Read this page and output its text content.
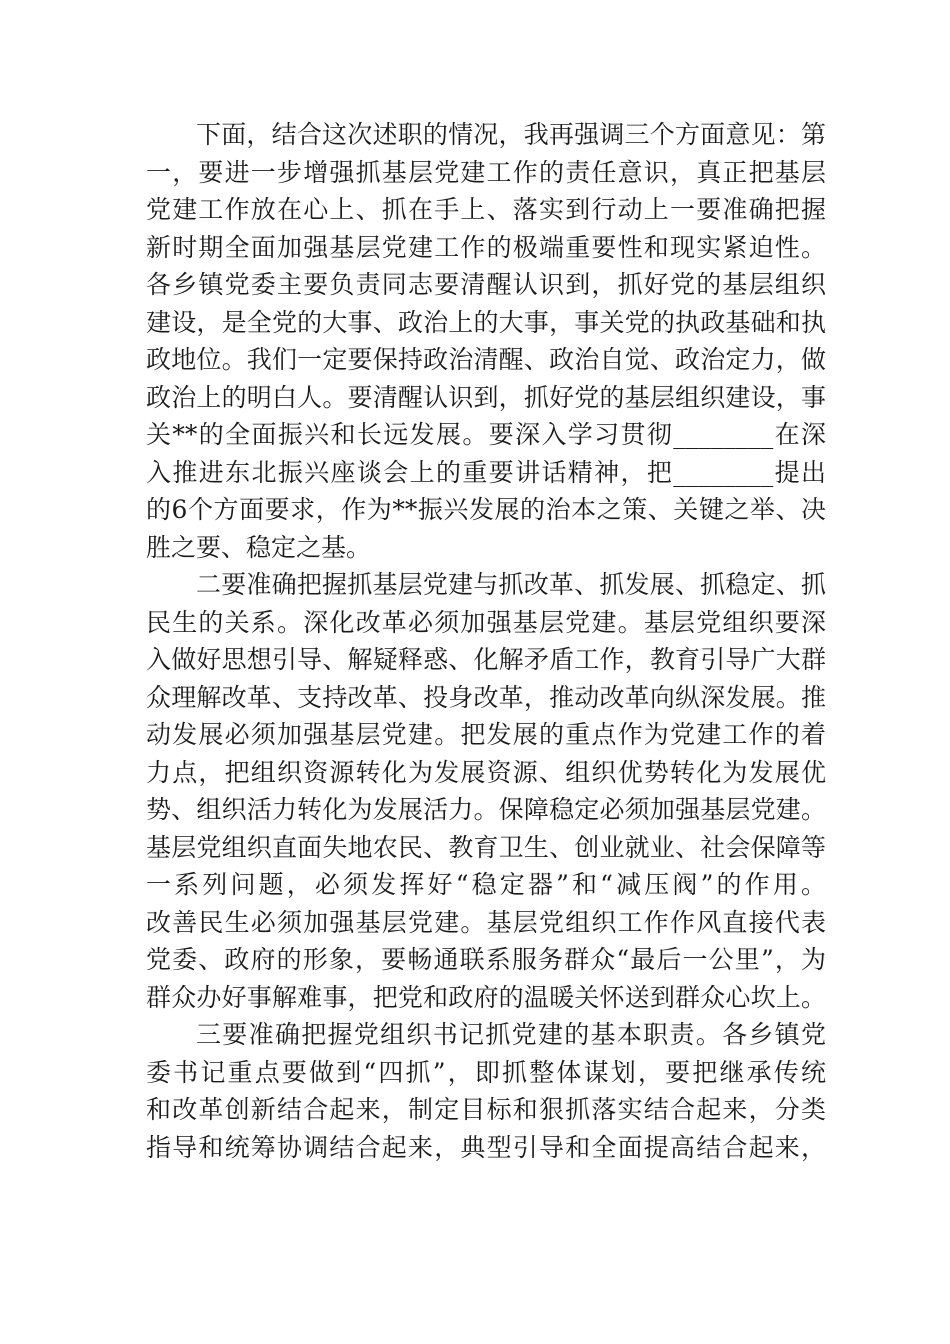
下面，结合这次述职的情况，我再强调三个方面意见：第
一，要进一步增强抓基层党建工作的责任意识，真正把基层
党建工作放在心上、抓在手上、落实到行动上一要准确把握
新时期全面加强基层党建工作的极端重要性和现实紧迫性。
各乡镇党委主要负责同志要清醒认识到，抓好党的基层组织
建设，是全党的大事、政治上的大事，事关党的执政基础和执
政地位。我们一定要保持政治清醒、政治自觉、政治定力，做
政治上的明白人。要清醒认识到，抓好党的基层组织建设，事
关**的全面振兴和长远发展。要深入学习贯彻________在深
入推进东北振兴座谈会上的重要讲话精神，把________提出
的6个方面要求，作为**振兴发展的治本之策、关键之举、决
胜之要、稳定之基。
二要准确把握抓基层党建与抓改革、抓发展、抓稳定、抓
民生的关系。深化改革必须加强基层党建。基层党组织要深
入做好思想引导、解疑释惑、化解矛盾工作，教育引导广大群
众理解改革、支持改革、投身改革，推动改革向纵深发展。推
动发展必须加强基层党建。把发展的重点作为党建工作的着
力点，把组织资源转化为发展资源、组织优势转化为发展优
势、组织活力转化为发展活力。保障稳定必须加强基层党建。
基层党组织直面失地农民、教育卫生、创业就业、社会保障等
一系列问题，必须发挥好“稳定器”和“减压阀”的作用。
改善民生必须加强基层党建。基层党组织工作作风直接代表
党委、政府的形象，要畅通联系服务群众“最后一公里”，为
群众办好事解难事，把党和政府的温暖关怀送到群众心坎上。
三要准确把握党组织书记抓党建的基本职责。各乡镇党
委书记重点要做到“四抓”，即抓整体谋划，要把继承传统
和改革创新结合起来，制定目标和狠抓落实结合起来，分类
指导和统筹协调结合起来，典型引导和全面提高结合起来，
